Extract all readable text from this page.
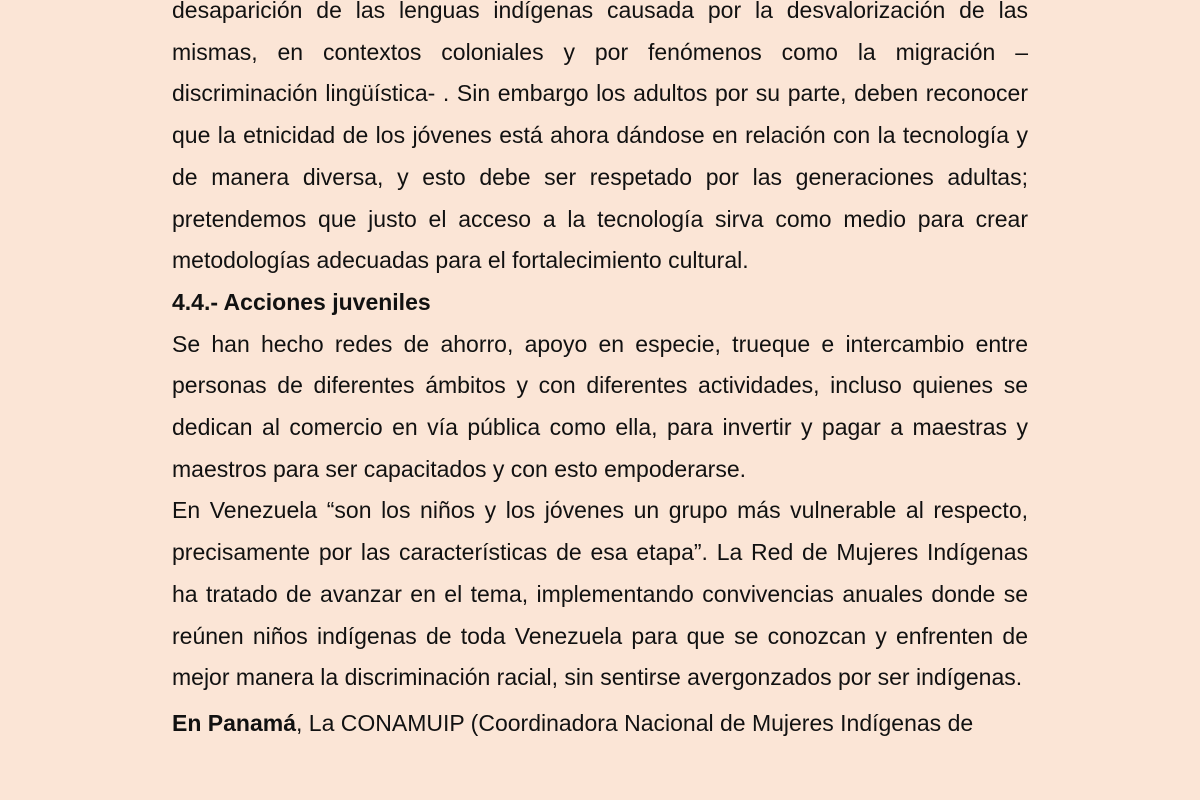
desaparición de las lenguas indígenas causada por la desvalorización de las mismas, en contextos coloniales y por fenómenos como la migración –discriminación lingüística- . Sin embargo los adultos por su parte, deben reconocer que la etnicidad de los jóvenes está ahora dándose en relación con la tecnología y de manera diversa, y esto debe ser respetado por las generaciones adultas; pretendemos que justo el acceso a la tecnología sirva como medio para crear metodologías adecuadas para el fortalecimiento cultural.

4.4.- Acciones juveniles

Se han hecho redes de ahorro, apoyo en especie, trueque e intercambio entre personas de diferentes ámbitos y con diferentes actividades, incluso quienes se dedican al comercio en vía pública como ella, para invertir y pagar a maestras y maestros para ser capacitados y con esto empoderarse.

En Venezuela “son los niños y los jóvenes un grupo más vulnerable al respecto, precisamente por las características de esa etapa”. La Red de Mujeres Indígenas ha tratado de avanzar en el tema, implementando convivencias anuales donde se reúnen niños indígenas de toda Venezuela para que se conozcan y enfrenten de mejor manera la discriminación racial, sin sentirse avergonzados por ser indígenas.

En Panamá, La CONAMUIP (Coordinadora Nacional de Mujeres Indígenas de
